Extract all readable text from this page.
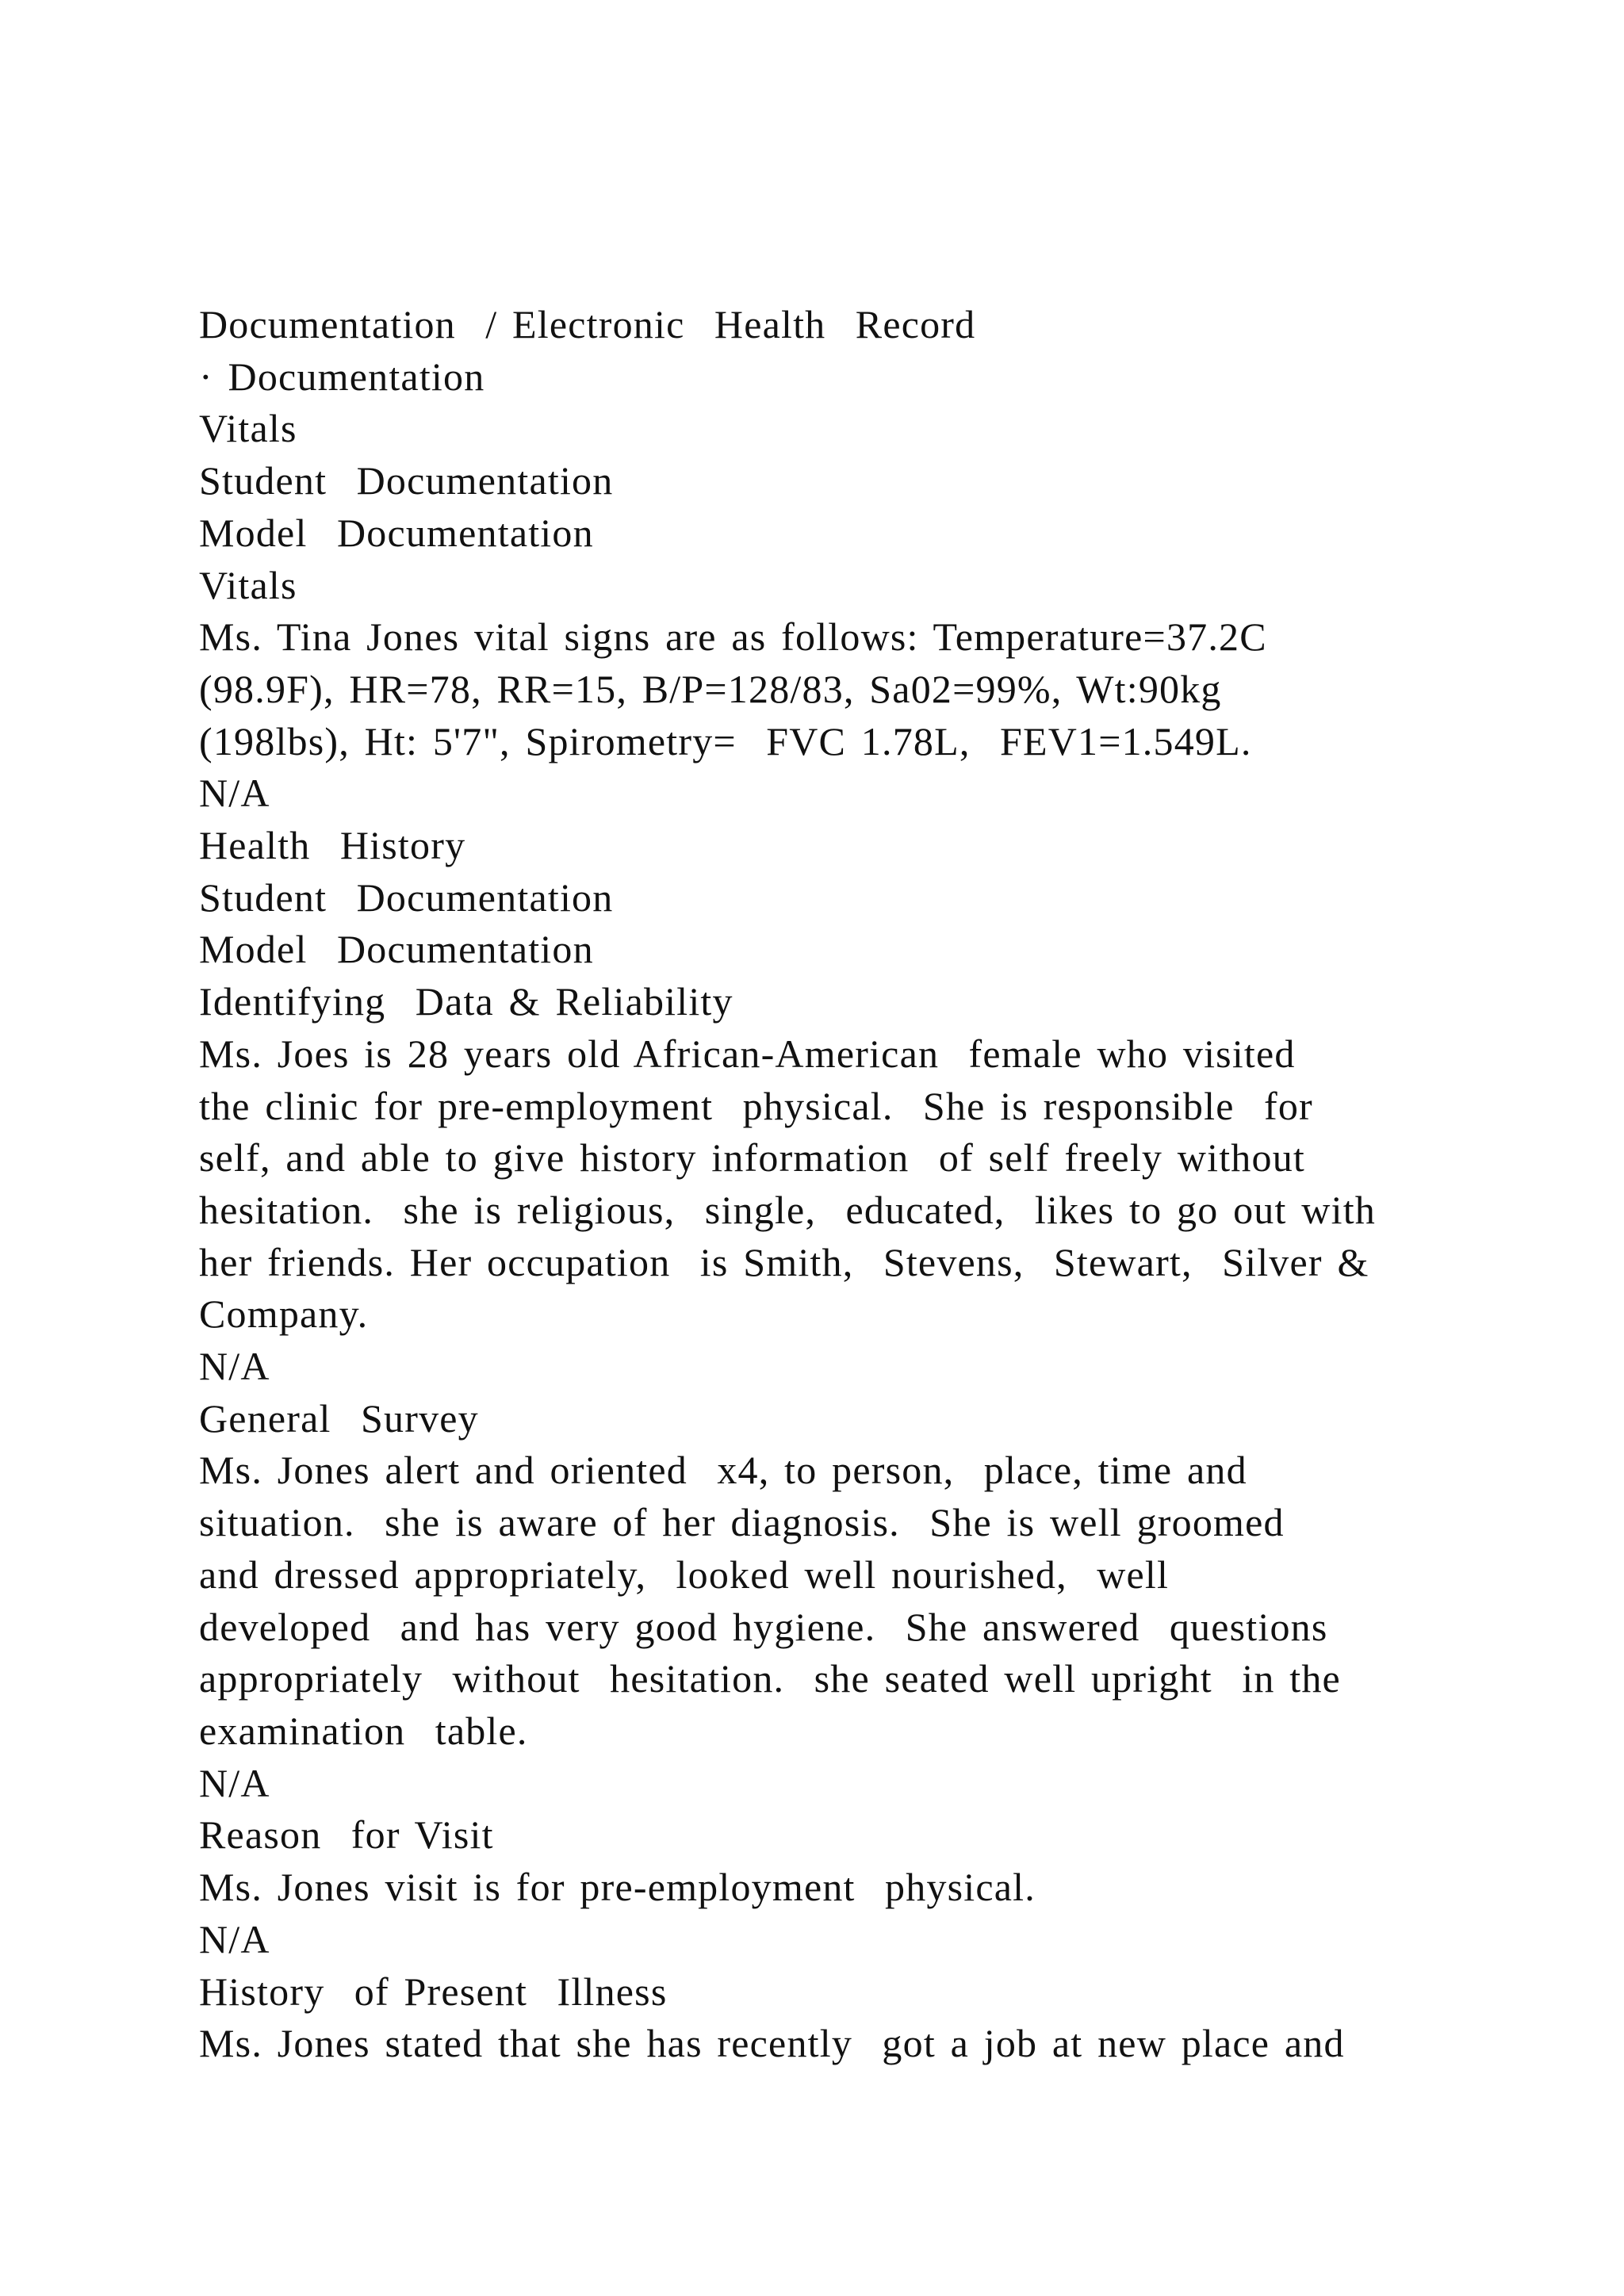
Documentation  / Electronic  Health  Record
· Documentation
Vitals
Student  Documentation
Model  Documentation
Vitals
Ms. Tina Jones vital signs are as follows: Temperature=37.2C
(98.9F), HR=78, RR=15, B/P=128/83, Sa02=99%, Wt:90kg
(198lbs), Ht: 5'7", Spirometry=  FVC 1.78L,  FEV1=1.549L.
N/A
Health  History
Student  Documentation
Model  Documentation
Identifying  Data & Reliability
Ms. Joes is 28 years old African-American  female who visited
the clinic for pre-employment  physical.  She is responsible  for
self, and able to give history information  of self freely without
hesitation.  she is religious,  single,  educated,  likes to go out with
her friends. Her occupation  is Smith,  Stevens,  Stewart,  Silver &
Company.
N/A
General  Survey
Ms. Jones alert and oriented  x4, to person,  place, time and
situation.  she is aware of her diagnosis.  She is well groomed
and dressed appropriately,  looked well nourished,  well
developed  and has very good hygiene.  She answered  questions
appropriately  without  hesitation.  she seated well upright  in the
examination  table.
N/A
Reason  for Visit
Ms. Jones visit is for pre-employment  physical.
N/A
History  of Present  Illness
Ms. Jones stated that she has recently  got a job at new place and
